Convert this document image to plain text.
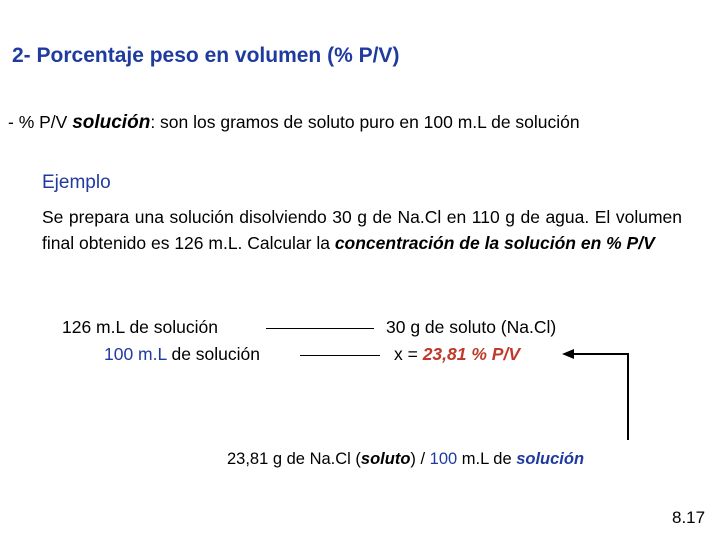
2- Porcentaje peso en volumen (% P/V)
- % P/V solución: son los gramos de soluto puro en 100 m.L de solución
Ejemplo
Se prepara una solución disolviendo 30 g de Na.Cl en 110 g de agua. El volumen final obtenido es 126 m.L. Calcular la concentración de la solución en % P/V
126 m.L de solución	30 g de soluto (Na.Cl)
100 m.L de solución	x = 23,81 % P/V
23,81 g de Na.Cl (soluto) / 100 m.L de solución
8.17
